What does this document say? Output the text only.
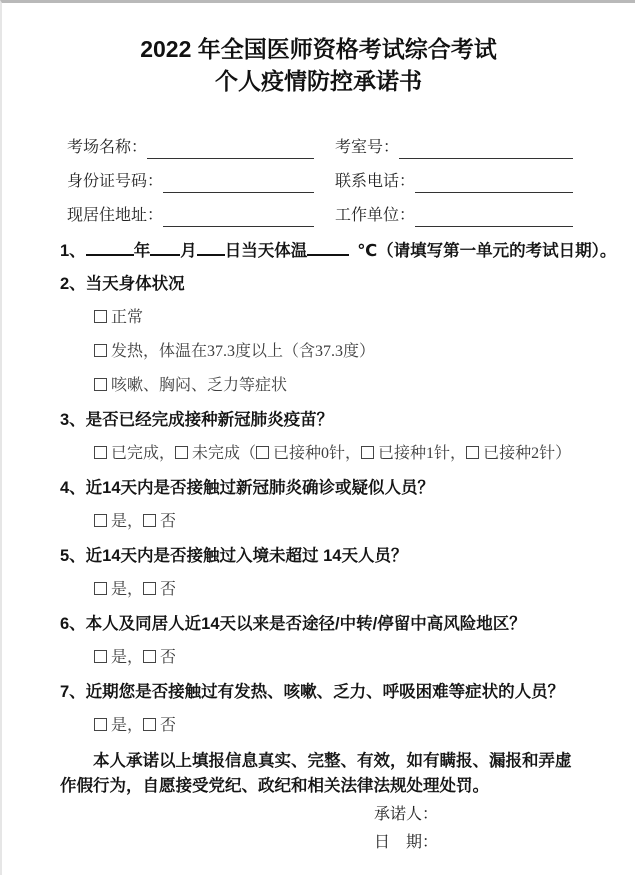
2022 年全国医师资格考试综合考试
个人疫情防控承诺书
考场名称：	考室号：
身份证号码：	联系电话：
现居住地址：	工作单位：
1、	年 月 日当天体温	℃（请填写第一单元的考试日期）。
2、当天身体状况
正常
发热，体温在37.3度以上（含37.3度）
咳嗽、胸闷、乏力等症状
3、是否已经完成接种新冠肺炎疫苗？
已完成， 未完成（ 已接种0针， 已接种1针， 已接种2针）
4、近14天内是否接触过新冠肺炎确诊或疑似人员？
是， 否
5、近14天内是否接触过入境未超过 14天人员？
是， 否
6、本人及同居人近14天以来是否途径/中转/停留中高风险地区？
是， 否
7、近期您是否接触过有发热、咳嗽、乏力、呼吸困难等症状的人员？
是， 否

本人承诺以上填报信息真实、完整、有效，如有瞒报、漏报和弄虚作假行为，自愿接受党纪、政纪和相关法律法规处理处罚。

承诺人：
日　期：
